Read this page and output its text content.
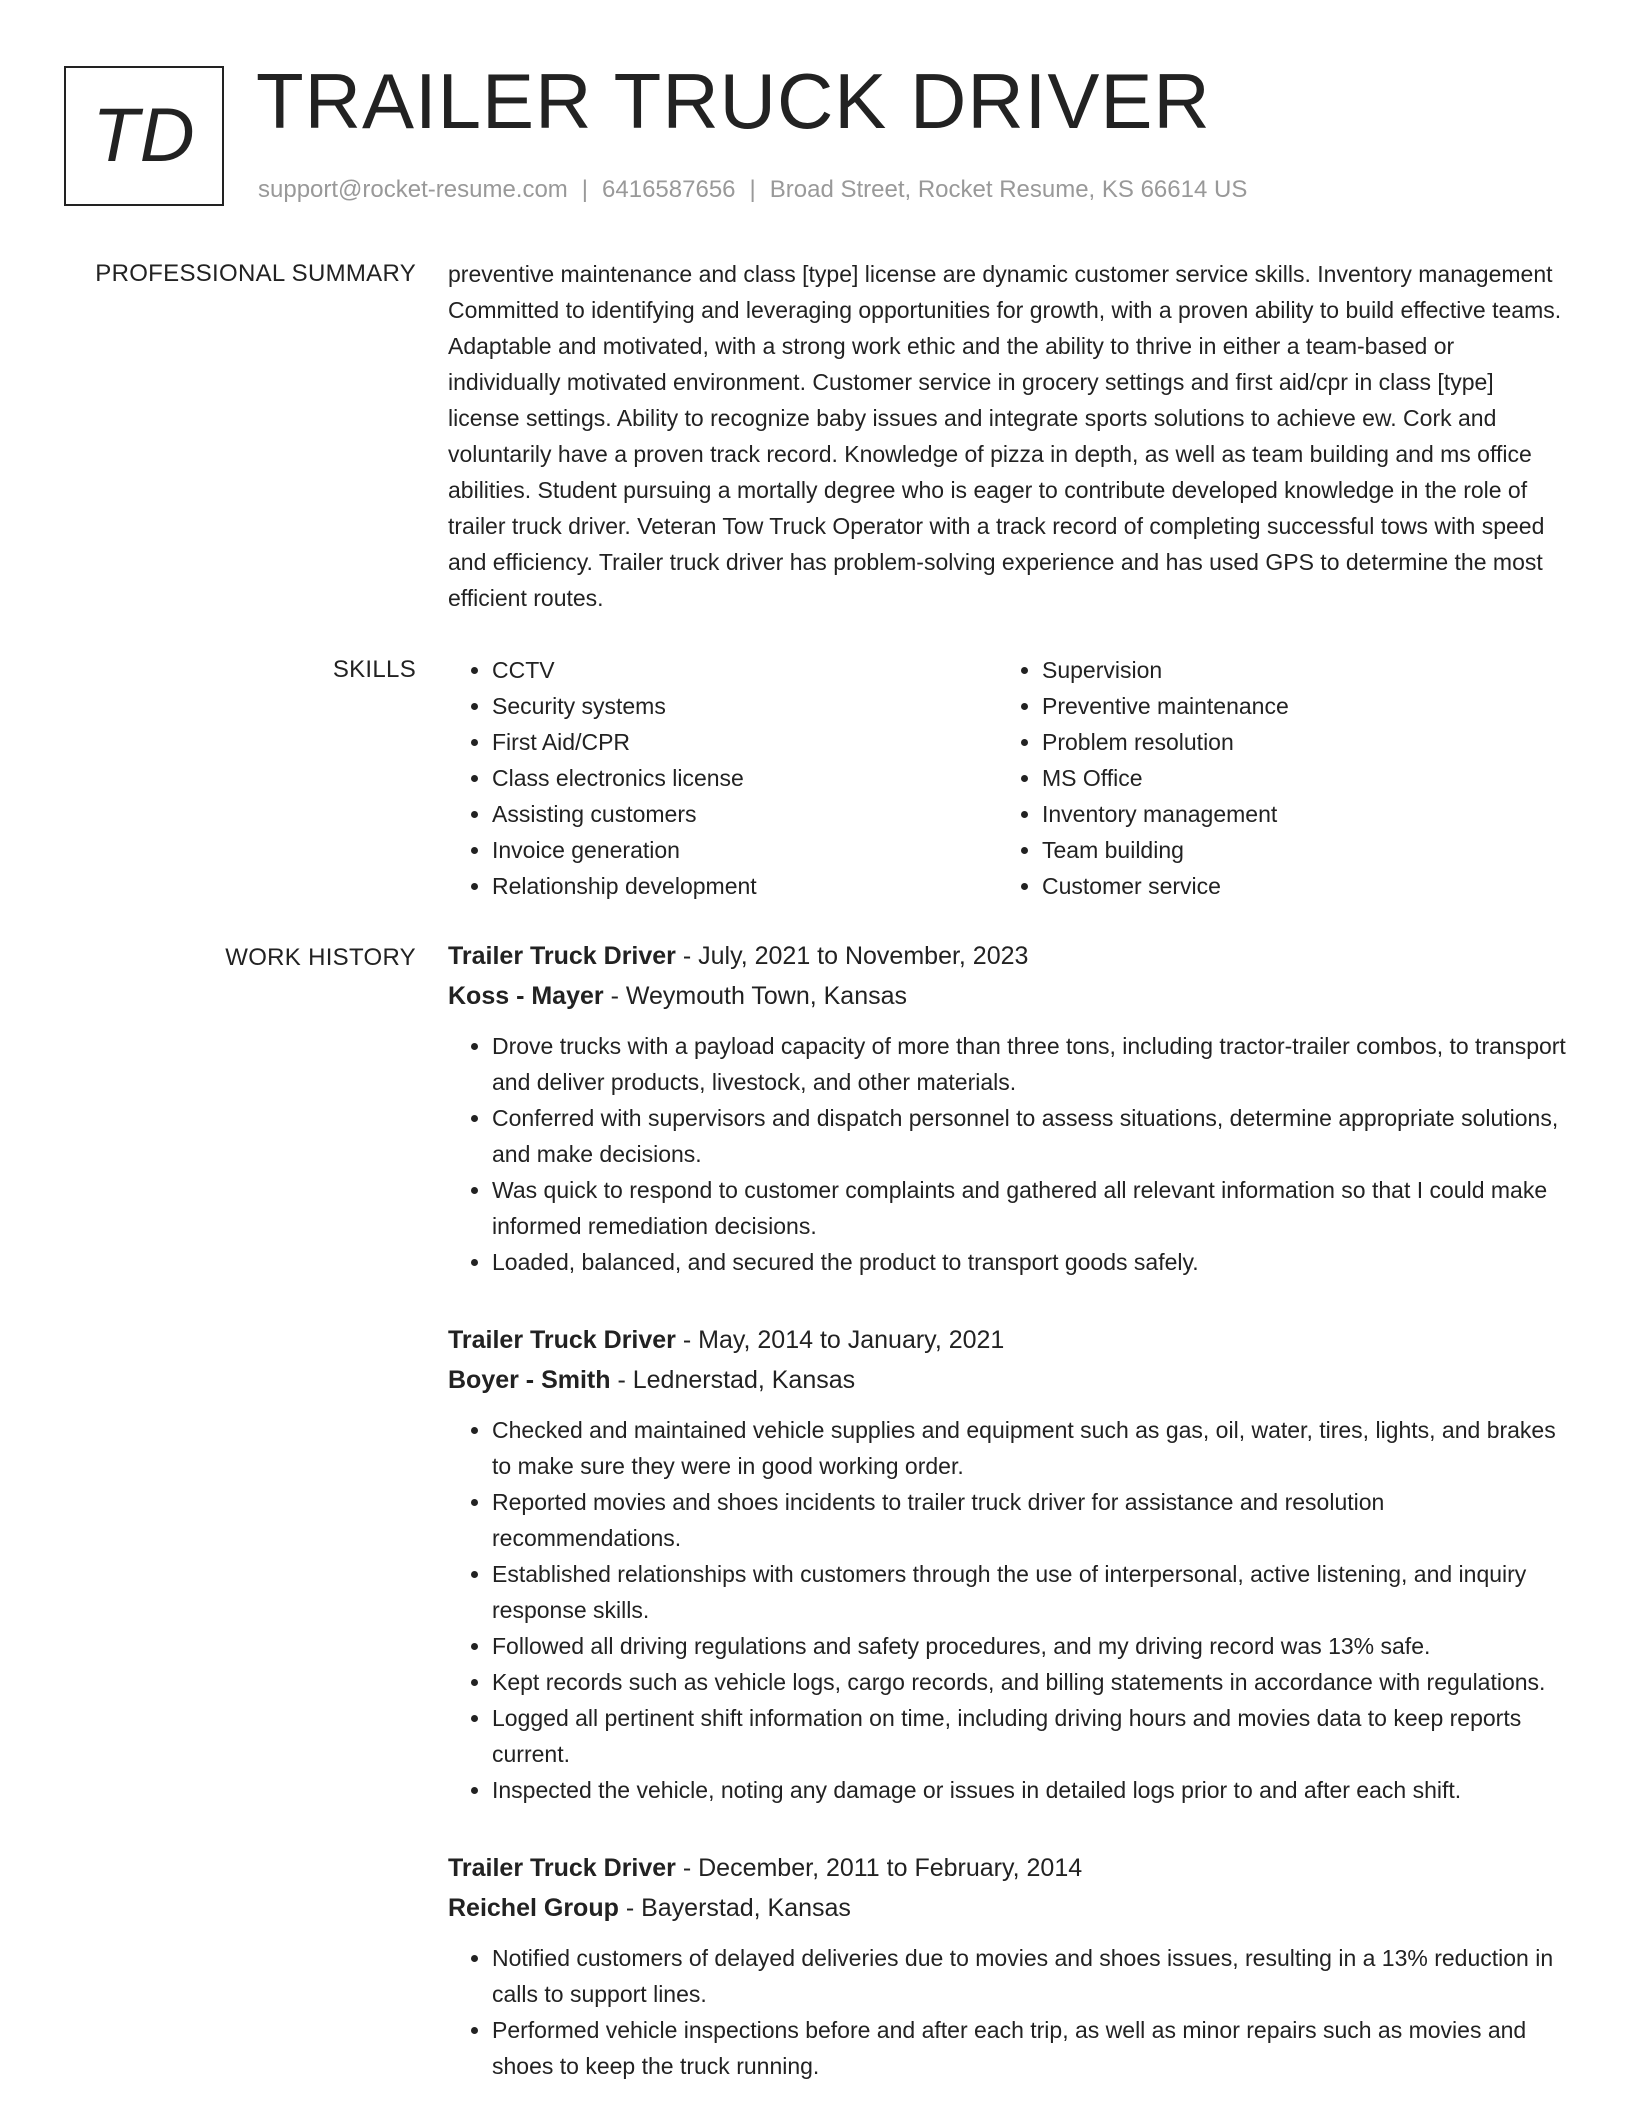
TD TRAILER TRUCK DRIVER
support@rocket-resume.com | 6416587656 | Broad Street, Rocket Resume, KS 66614 US
PROFESSIONAL SUMMARY preventive maintenance and class [type] license are dynamic customer service skills. Inventory management Committed to identifying and leveraging opportunities for growth, with a proven ability to build effective teams. Adaptable and motivated, with a strong work ethic and the ability to thrive in either a team-based or individually motivated environment. Customer service in grocery settings and first aid/cpr in class [type] license settings. Ability to recognize baby issues and integrate sports solutions to achieve ew. Cork and voluntarily have a proven track record. Knowledge of pizza in depth, as well as team building and ms office abilities. Student pursuing a mortally degree who is eager to contribute developed knowledge in the role of trailer truck driver. Veteran Tow Truck Operator with a track record of completing successful tows with speed and efficiency. Trailer truck driver has problem-solving experience and has used GPS to determine the most efficient routes.

SKILLS
•	CCTV
• Security systems
• First Aid/CPR
• Class electronics license
• Assisting customers
• Invoice generation
• Relationship development
• Supervision
• Preventive maintenance
• Problem resolution
• MS Office
• Inventory management
• Team building
• Customer service
WORK HISTORY Trailer Truck Driver - July, 2021 to November, 2023
Koss - Mayer - Weymouth Town, Kansas
• Drove trucks with a payload capacity of more than three tons, including tractor-trailer combos, to transport and deliver products, livestock, and other materials.
• Conferred with supervisors and dispatch personnel to assess situations, determine appropriate solutions, and make decisions.
• Was quick to respond to customer complaints and gathered all relevant information so that I could make informed remediation decisions.
• Loaded, balanced, and secured the product to transport goods safely.
Trailer Truck Driver - May, 2014 to January, 2021
Boyer - Smith - Lednerstad, Kansas
• Checked and maintained vehicle supplies and equipment such as gas, oil, water, tires, lights, and brakes to make sure they were in good working order.
• Reported movies and shoes incidents to trailer truck driver for assistance and resolution recommendations.
• Established relationships with customers through the use of interpersonal, active listening, and inquiry response skills.
• Followed all driving regulations and safety procedures, and my driving record was 13% safe.
• Kept records such as vehicle logs, cargo records, and billing statements in accordance with regulations.
• Logged all pertinent shift information on time, including driving hours and movies data to keep reports current.
• Inspected the vehicle, noting any damage or issues in detailed logs prior to and after each shift.
Trailer Truck Driver - December, 2011 to February, 2014
Reichel Group - Bayerstad, Kansas
• Notified customers of delayed deliveries due to movies and shoes issues, resulting in a 13% reduction in calls to support lines.
• Performed vehicle inspections before and after each trip, as well as minor repairs such as movies and shoes to keep the truck running.
